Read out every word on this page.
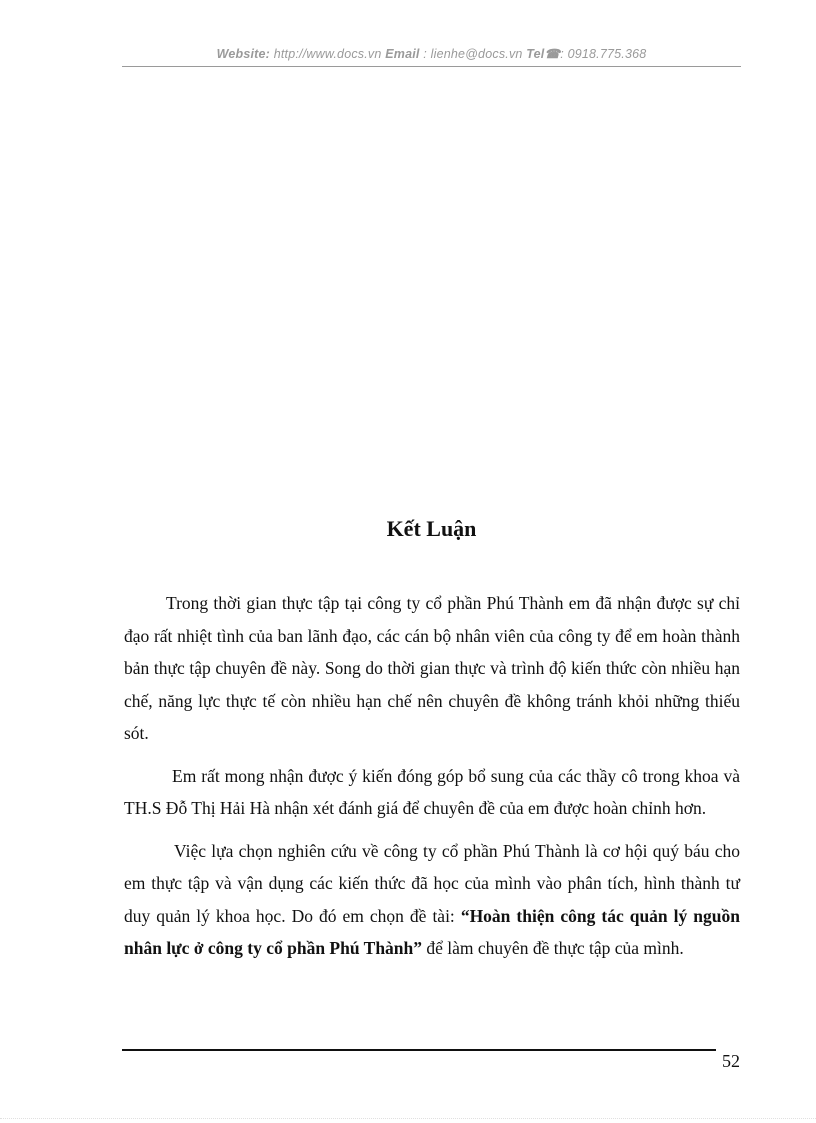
Website: http://www.docs.vn Email : lienhe@docs.vn Tel☎: 0918.775.368
Kết Luận

Trong thời gian thực tập tại công ty cổ phần Phú Thành em đã nhận được sự chỉ đạo rất nhiệt tình của ban lãnh đạo, các cán bộ nhân viên của công ty để em hoàn thành bản thực tập chuyên đề này. Song do thời gian thực và trình độ kiến thức còn nhiều hạn chế, năng lực thực tế còn nhiều hạn chế nên chuyên đề không tránh khỏi những thiếu sót.

Em rất mong nhận được ý kiến đóng góp bổ sung của các thầy cô trong khoa và TH.S Đỗ Thị Hải Hà nhận xét đánh giá để chuyên đề của em được hoàn chỉnh hơn.

Việc lựa chọn nghiên cứu về công ty cổ phần Phú Thành là cơ hội quý báu cho em thực tập và vận dụng các kiến thức đã học của mình vào phân tích, hình thành tư duy quản lý khoa học. Do đó em chọn đề tài: “Hoàn thiện công tác quản lý nguồn nhân lực ở công ty cổ phần Phú Thành” để làm chuyên đề thực tập của mình.

52
